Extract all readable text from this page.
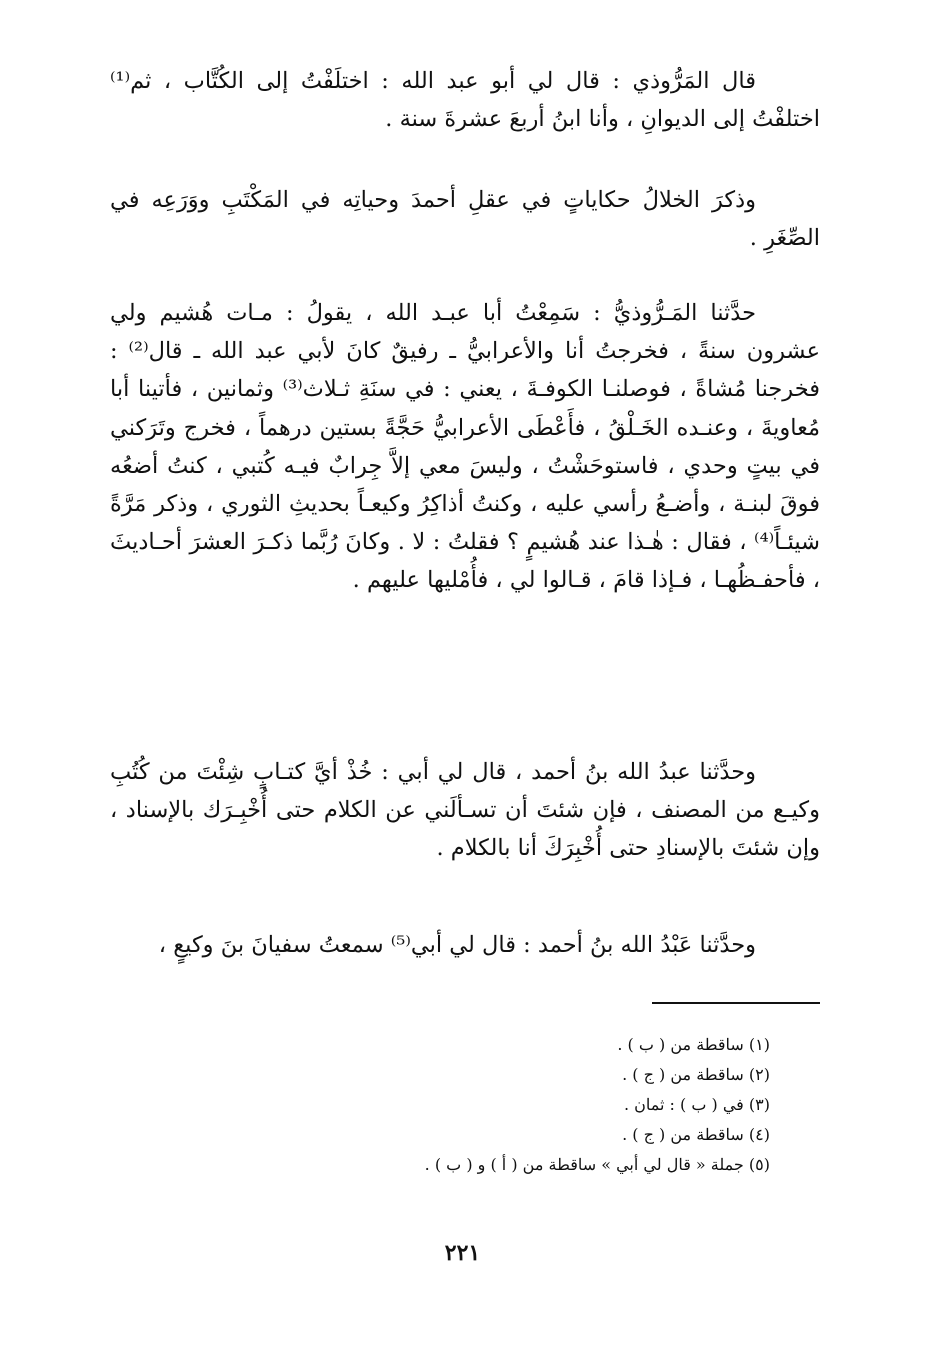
قال المَرُّوذي : قال لي أبو عبد الله : اختلَفْتُ إلى الكُتَّاب ، ثم⁽¹⁾ اختلفْتُ إلى الديوانِ ، وأنا ابنُ أربعَ عشرةَ سنة .

وذكرَ الخلالُ حكاياتٍ في عقلِ أحمدَ وحياتِه في المَكْتَبِ ووَرَعِه في الصِّغَرِ .

حدَّثنا المَـرُّوذيُّ : سَمِعْتُ أبا عبـد الله ، يقولُ : مـات هُشيم ولي عشرون سنةً ، فخرجتُ أنا والأعرابيُّ ـ رفيقٌ كانَ لأبي عبد الله ـ قال⁽²⁾ : فخرجنا مُشاةً ، فوصلنـا الكوفـةَ ، يعني : في سنَةِ ثـلاث⁽³⁾ وثمانين ، فأتينا أبا مُعاويةَ ، وعنـده الخَـلْقُ ، فأَعْطَى الأعرابيُّ حَجَّةً بستين درهماً ، فخرج وتَرَكني في بيتٍ وحدي ، فاستوحَشْتُ ، وليسَ معي إلاَّ جِرابٌ فيـه كُتبي ، كنتُ أضعُه فوقَ لبنـة ، وأضـعُ رأسي عليه ، وكنتُ أذاكِرُ وكيعـاً بحديثِ الثوري ، وذكر مَرَّةً شيئـاً⁽⁴⁾ ، فقال : هٰـذا عند هُشيمٍ ؟ فقلتُ : لا . وكانَ رُبَّما ذكـرَ العشرَ أحـاديثَ ، فأحفـظُهـا ، فـإذا قامَ ، قـالوا لي ، فأُمْليها عليهم .

وحدَّثنا عبدُ الله بنُ أحمد ، قال لي أبي : خُذْ أيَّ كتـابٍ شِئْتَ من كُتُبِ وكيـع من المصنف ، فإن شئتَ أن تسـألَني عن الكلام حتى أُخْبِـرَك بالإسناد ، وإن شئتَ بالإسنادِ حتى أُخْبِرَكَ أنا بالكلام .

وحدَّثنا عَبْدُ الله بنُ أحمد : قال لي أبي⁽⁵⁾ سمعتُ سفيانَ بنَ وكيعٍ ،

(١) ساقطة من ( ب ) .
(٢) ساقطة من ( ج ) .
(٣) في ( ب ) : ثمان .
(٤) ساقطة من ( ج ) .
(٥) جملة « قال لي أبي » ساقطة من ( أ ) و ( ب ) .
٢٢١
